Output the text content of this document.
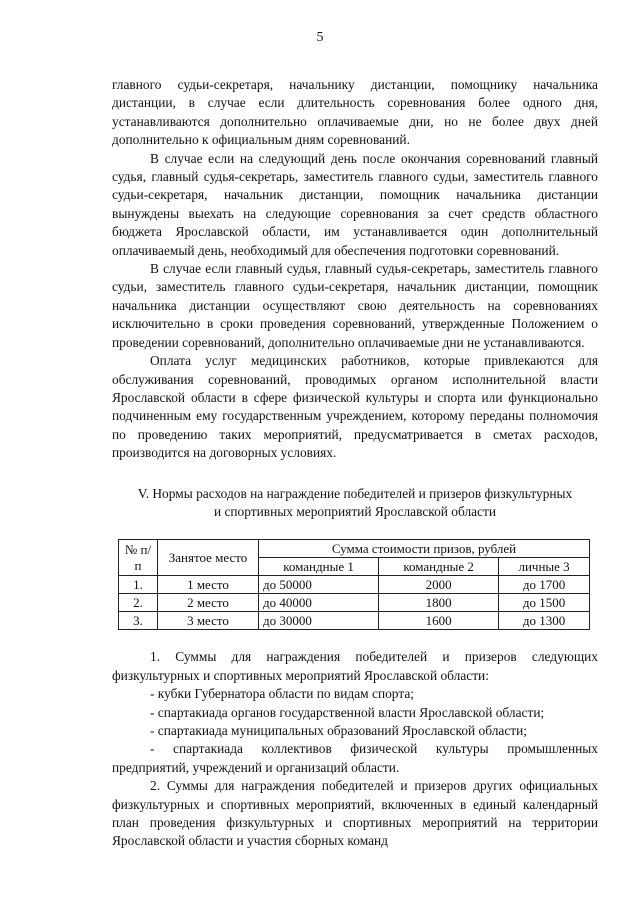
5

главного судьи-секретаря, начальнику дистанции, помощнику начальника дистанции, в случае если длительность соревнования более одного дня, устанавливаются дополнительно оплачиваемые дни, но не более двух дней дополнительно к официальным дням соревнований.

В случае если на следующий день после окончания соревнований главный судья, главный судья-секретарь, заместитель главного судьи, заместитель главного судьи-секретаря, начальник дистанции, помощник начальника дистанции вынуждены выехать на следующие соревнования за счет средств областного бюджета Ярославской области, им устанавливается один дополнительный оплачиваемый день, необходимый для обеспечения подготовки соревнований.

В случае если главный судья, главный судья-секретарь, заместитель главного судьи, заместитель главного судьи-секретаря, начальник дистанции, помощник начальника дистанции осуществляют свою деятельность на соревнованиях исключительно в сроки проведения соревнований, утвержденные Положением о проведении соревнований, дополнительно оплачиваемые дни не устанавливаются.

Оплата услуг медицинских работников, которые привлекаются для обслуживания соревнований, проводимых органом исполнительной власти Ярославской области в сфере физической культуры и спорта или функционально подчиненным ему государственным учреждением, которому переданы полномочия по проведению таких мероприятий, предусматривается в сметах расходов, производится на договорных условиях.

V. Нормы расходов на награждение победителей и призеров физкультурных
и спортивных мероприятий Ярославской области
№ п/п	Занятое место	Сумма стоимости призов, рублей		
		командные 1	командные 2	личные 3
1.	1 место	до 50000	2000	до 1700
2.	2 место	до 40000	1800	до 1500
3.	3 место	до 30000	1600	до 1300

1. Суммы для награждения победителей и призеров следующих физкультурных и спортивных мероприятий Ярославской области:

- кубки Губернатора области по видам спорта;

- спартакиада органов государственной власти Ярославской области;

- спартакиада муниципальных образований Ярославской области;

- спартакиада коллективов физической культуры промышленных предприятий, учреждений и организаций области.

2. Суммы для награждения победителей и призеров других официальных физкультурных и спортивных мероприятий, включенных в единый календарный план проведения физкультурных и спортивных мероприятий на территории Ярославской области и участия сборных команд
